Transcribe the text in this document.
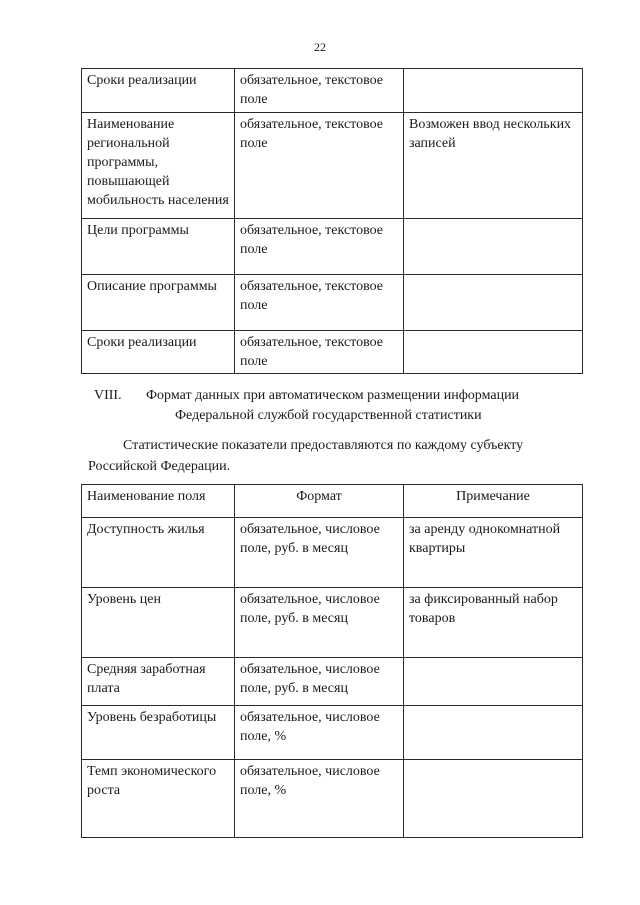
22
Сроки реализации	обязательное, текстовое поле	
Наименование региональной программы, повышающей мобильность населения	обязательное, текстовое поле	Возможен ввод нескольких записей
Цели программы	обязательное, текстовое поле	
Описание программы	обязательное, текстовое поле	
Сроки реализации	обязательное, текстовое поле	
VIII. Формат данных при автоматическом размещении информации
Федеральной службой государственной статистики
Статистические показатели предоставляются по каждому субъекту
Российской Федерации.
Наименование поля	Формат	Примечание
Доступность жилья	обязательное, числовое поле, руб. в месяц	за аренду однокомнатной квартиры
Уровень цен	обязательное, числовое поле, руб. в месяц	за фиксированный набор товаров
Средняя заработная плата	обязательное, числовое поле, руб. в месяц	
Уровень безработицы	обязательное, числовое поле, %	
Темп экономического роста	обязательное, числовое поле, %	
